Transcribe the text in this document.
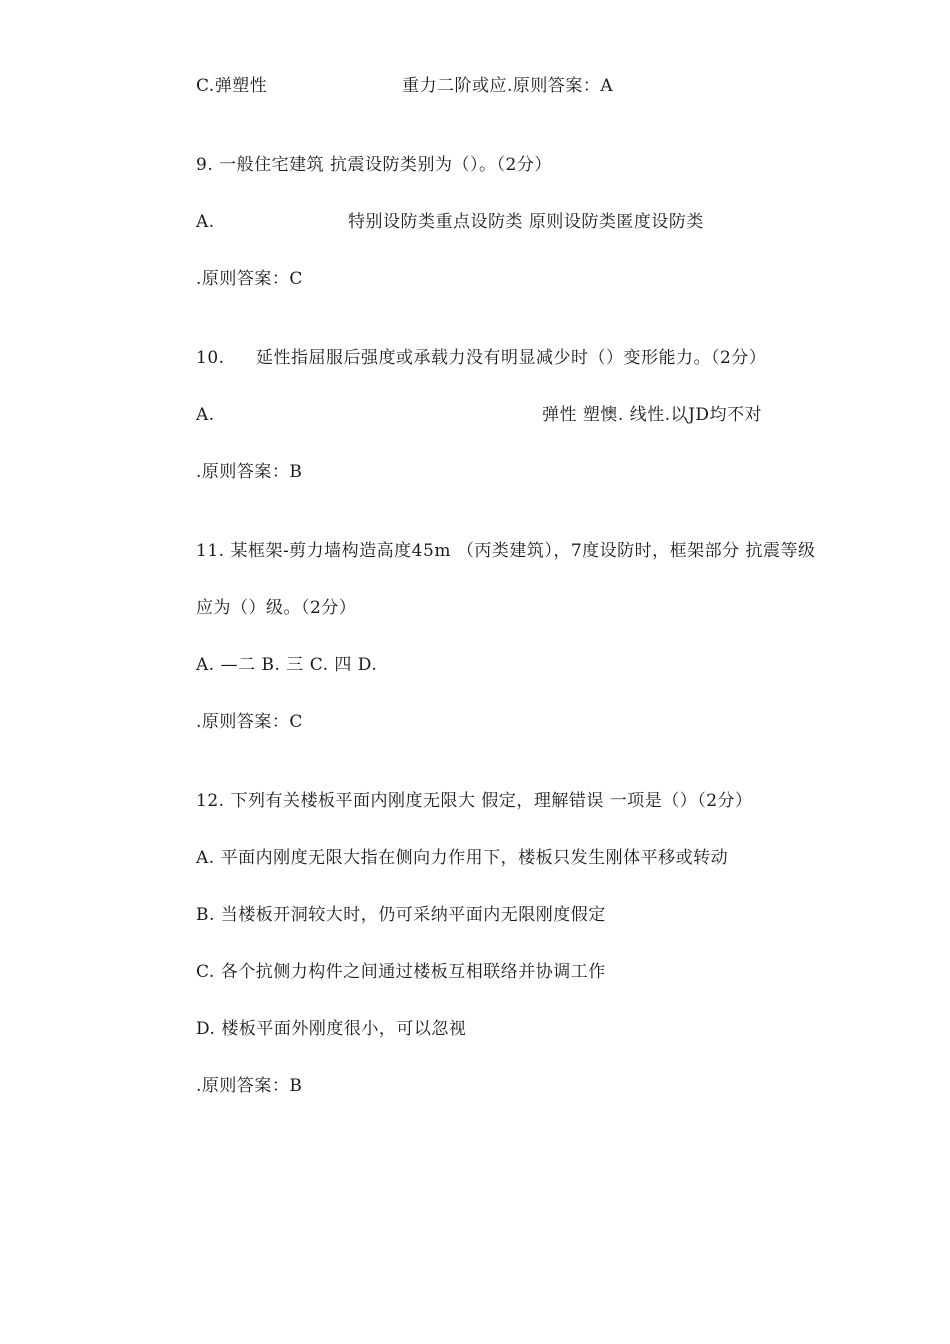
C.弹塑性

	重力二阶或应.原则答案：A

9. 一般住宅建筑 抗震设防类别为（）。（2分）

A.

	特别设防类重点设防类 原则设防类匿度设防类

.原则答案：C

10.

延性指屈服后强度或承载力没有明显减少时（）变形能力。（2分）

A.

	弹性 塑懊. 线性.以JD均不对

.原则答案：B
11. 某框架-剪力墙构造高度45m （丙类建筑），7度设防时，框架部分 抗震等级
应为（）级。（2分）
A. —二 B. 三 C. 四 D.
.原则答案：C
12. 下列有关楼板平面内刚度无限大 假定，理解错误 一项是（）（2分）
A. 平面内刚度无限大指在侧向力作用下，楼板只发生刚体平移或转动
B. 当楼板开洞较大时，仍可采纳平面内无限刚度假定
C. 各个抗侧力构件之间通过楼板互相联络并协调工作
D. 楼板平面外刚度很小，可以忽视
.原则答案：B
